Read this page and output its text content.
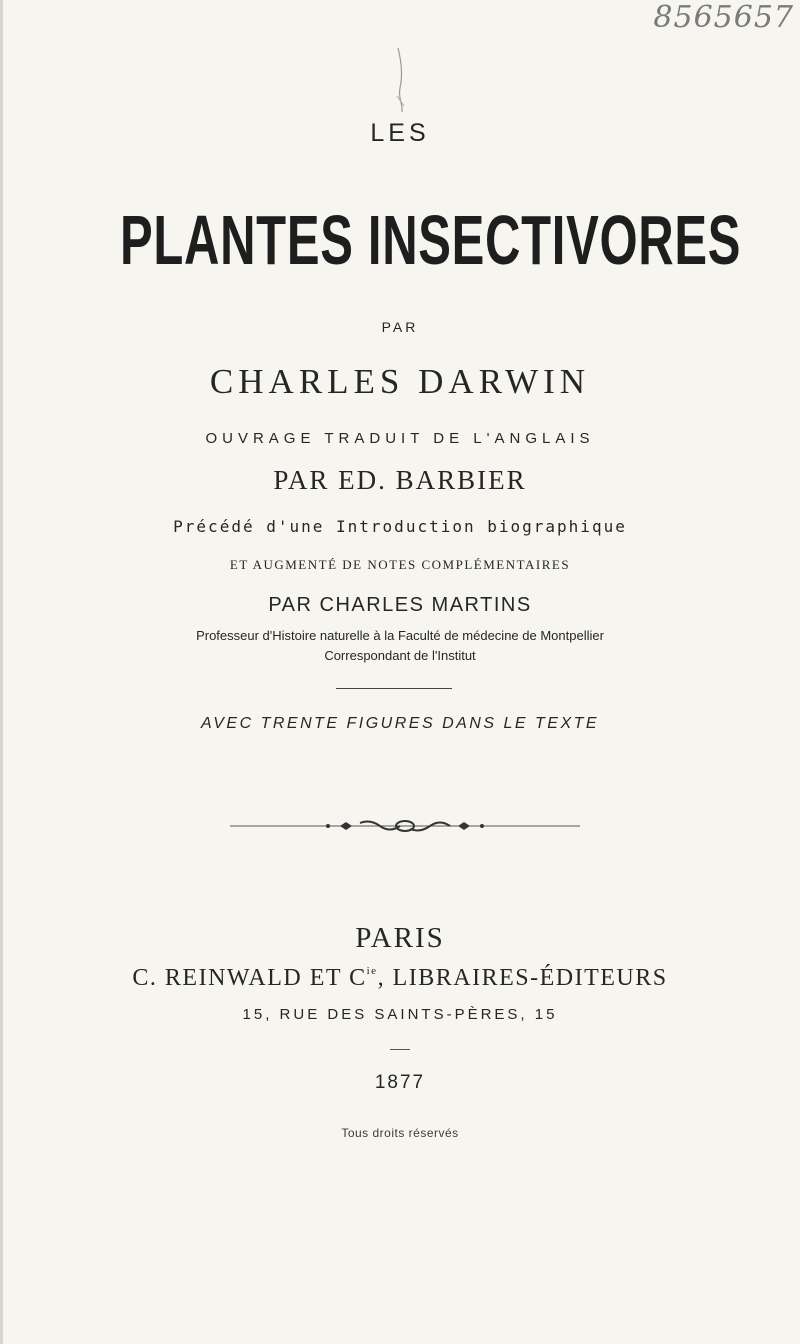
8565657
LES
PLANTES INSECTIVORES
PAR
CHARLES DARWIN
OUVRAGE TRADUIT DE L'ANGLAIS
PAR ED. BARBIER
Précédé d'une Introduction biographique
ET AUGMENTÉ DE NOTES COMPLÉMENTAIRES
PAR CHARLES MARTINS
Professeur d'Histoire naturelle à la Faculté de médecine de Montpellier
Correspondant de l'Institut
AVEC TRENTE FIGURES DANS LE TEXTE
PARIS
C. REINWALD ET $C^{ie}$, LIBRAIRES-ÉDITEURS
15, RUE DES SAINTS-PÈRES, 15
1877
Tous droits réservés
